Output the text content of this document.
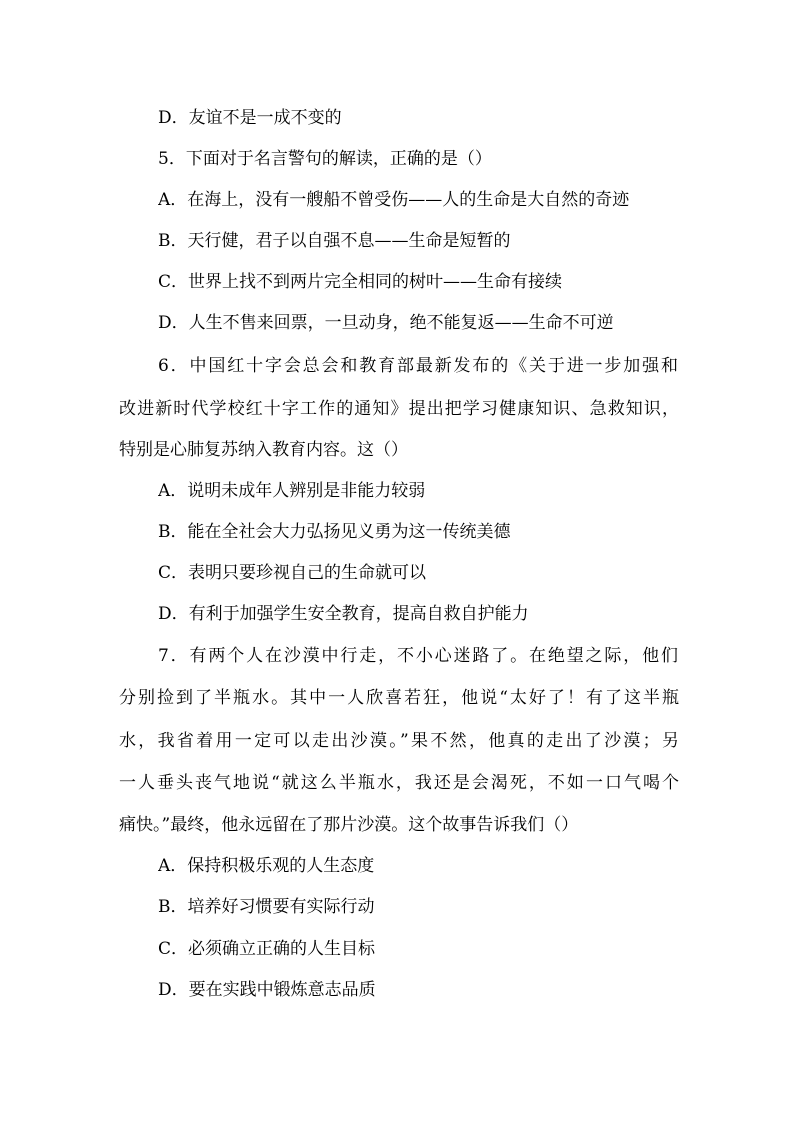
D．友谊不是一成不变的
5．下面对于名言警句的解读，正确的是（）
A．在海上，没有一艘船不曾受伤——人的生命是大自然的奇迹
B．天行健，君子以自强不息——生命是短暂的
C．世界上找不到两片完全相同的树叶——生命有接续
D．人生不售来回票，一旦动身，绝不能复返——生命不可逆
6．中国红十字会总会和教育部最新发布的《关于进一步加强和
改进新时代学校红十字工作的通知》提出把学习健康知识、急救知识，
特别是心肺复苏纳入教育内容。这（）
A．说明未成年人辨别是非能力较弱
B．能在全社会大力弘扬见义勇为这一传统美德
C．表明只要珍视自己的生命就可以
D．有利于加强学生安全教育，提高自救自护能力
7．有两个人在沙漠中行走，不小心迷路了。在绝望之际，他们
分别捡到了半瓶水。其中一人欣喜若狂，他说“太好了！有了这半瓶
水，我省着用一定可以走出沙漠。”果不然，他真的走出了沙漠；另
一人垂头丧气地说“就这么半瓶水，我还是会渴死，不如一口气喝个
痛快。”最终，他永远留在了那片沙漠。这个故事告诉我们（）
A．保持积极乐观的人生态度
B．培养好习惯要有实际行动
C．必须确立正确的人生目标
D．要在实践中锻炼意志品质
